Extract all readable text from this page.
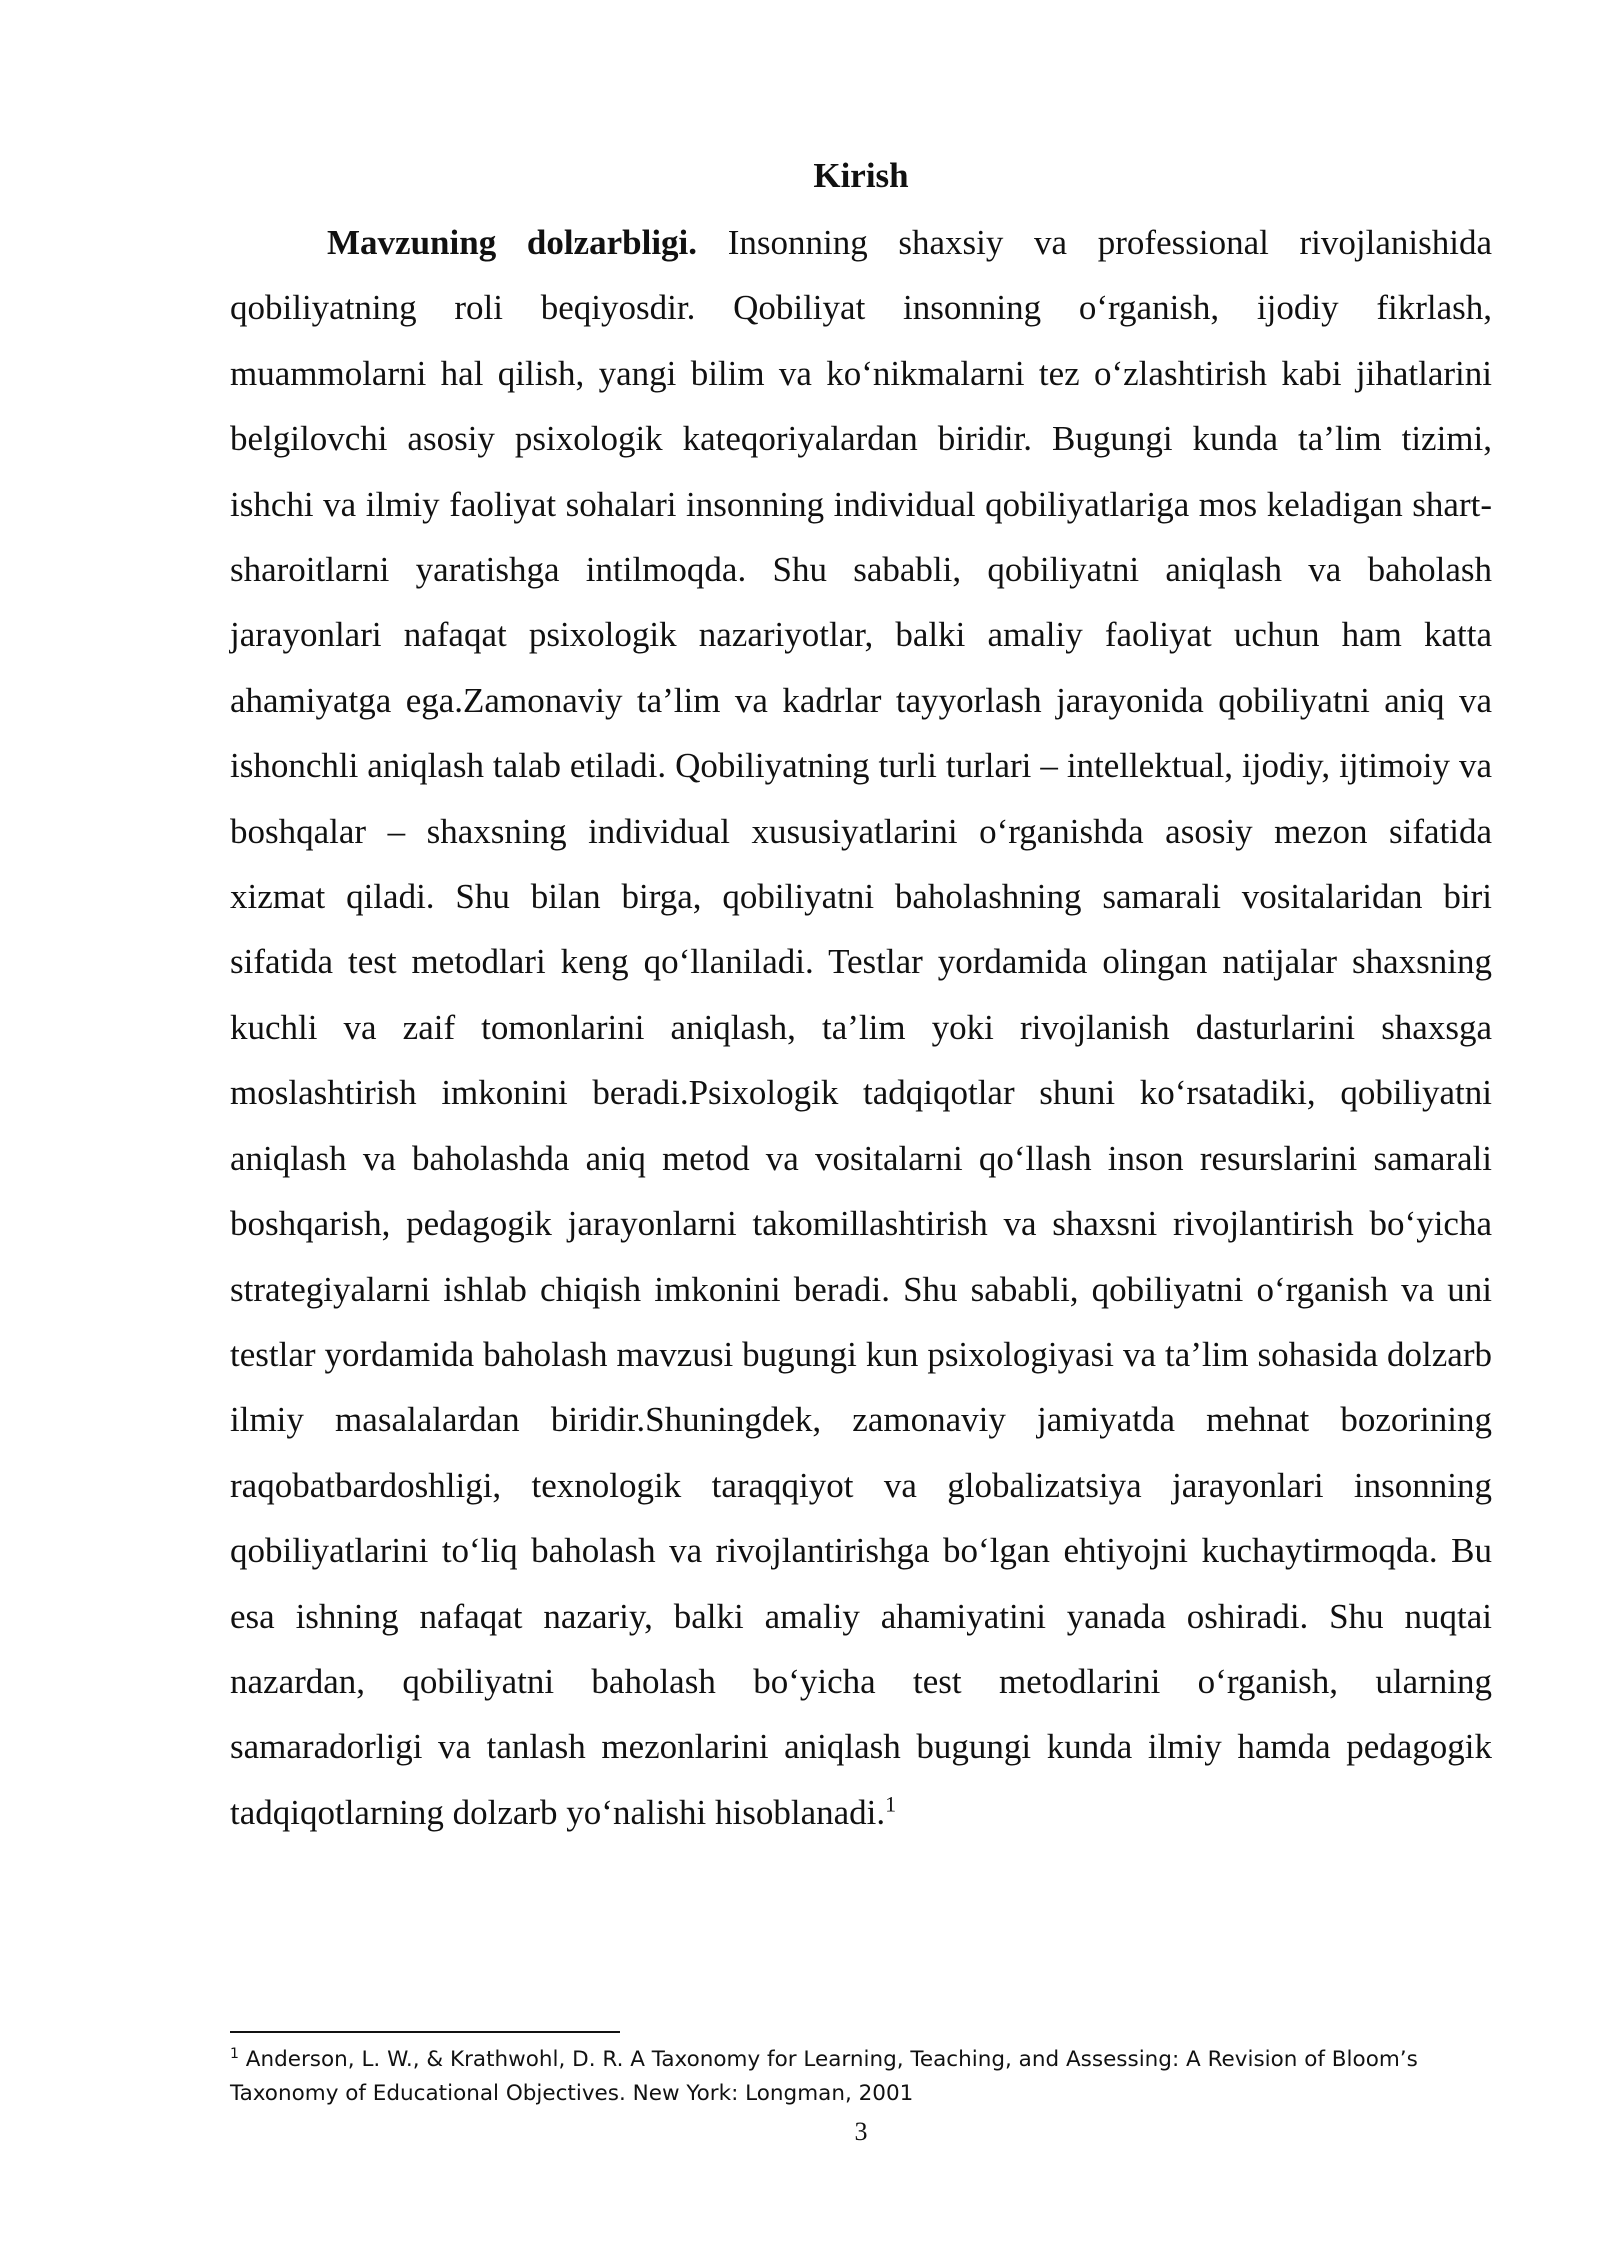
Kirish

Mavzuning dolzarbligi. Insonning shaxsiy va professional rivojlanishida qobiliyatning roli beqiyosdir. Qobiliyat insonning o‘rganish, ijodiy fikrlash, muammolarni hal qilish, yangi bilim va ko‘nikmalarni tez o‘zlashtirish kabi jihatlarini belgilovchi asosiy psixologik kateqoriyalardan biridir. Bugungi kunda ta’lim tizimi, ishchi va ilmiy faoliyat sohalari insonning individual qobiliyatlariga mos keladigan shart-sharoitlarni yaratishga intilmoqda. Shu sababli, qobiliyatni aniqlash va baholash jarayonlari nafaqat psixologik nazariyotlar, balki amaliy faoliyat uchun ham katta ahamiyatga ega.Zamonaviy ta’lim va kadrlar tayyorlash jarayonida qobiliyatni aniq va ishonchli aniqlash talab etiladi. Qobiliyatning turli turlari – intellektual, ijodiy, ijtimoiy va boshqalar – shaxsning individual xususiyatlarini o‘rganishda asosiy mezon sifatida xizmat qiladi. Shu bilan birga, qobiliyatni baholashning samarali vositalaridan biri sifatida test metodlari keng qo‘llaniladi. Testlar yordamida olingan natijalar shaxsning kuchli va zaif tomonlarini aniqlash, ta’lim yoki rivojlanish dasturlarini shaxsga moslashtirish imkonini beradi.Psixologik tadqiqotlar shuni ko‘rsatadiki, qobiliyatni aniqlash va baholashda aniq metod va vositalarni qo‘llash inson resurslarini samarali boshqarish, pedagogik jarayonlarni takomillashtirish va shaxsni rivojlantirish bo‘yicha strategiyalarni ishlab chiqish imkonini beradi. Shu sababli, qobiliyatni o‘rganish va uni testlar yordamida baholash mavzusi bugungi kun psixologiyasi va ta’lim sohasida dolzarb ilmiy masalalardan biridir.Shuningdek, zamonaviy jamiyatda mehnat bozorining raqobatbardoshligi, texnologik taraqqiyot va globalizatsiya jarayonlari insonning qobiliyatlarini to‘liq baholash va rivojlantirishga bo‘lgan ehtiyojni kuchaytirmoqda. Bu esa ishning nafaqat nazariy, balki amaliy ahamiyatini yanada oshiradi. Shu nuqtai nazardan, qobiliyatni baholash bo‘yicha test metodlarini o‘rganish, ularning samaradorligi va tanlash mezonlarini aniqlash bugungi kunda ilmiy hamda pedagogik tadqiqotlarning dolzarb yo‘nalishi hisoblanadi.$^1$

$^1$ Anderson, L. W., & Krathwohl, D. R. A Taxonomy for Learning, Teaching, and Assessing: A Revision of Bloom’s Taxonomy of Educational Objectives. New York: Longman, 2001

3
